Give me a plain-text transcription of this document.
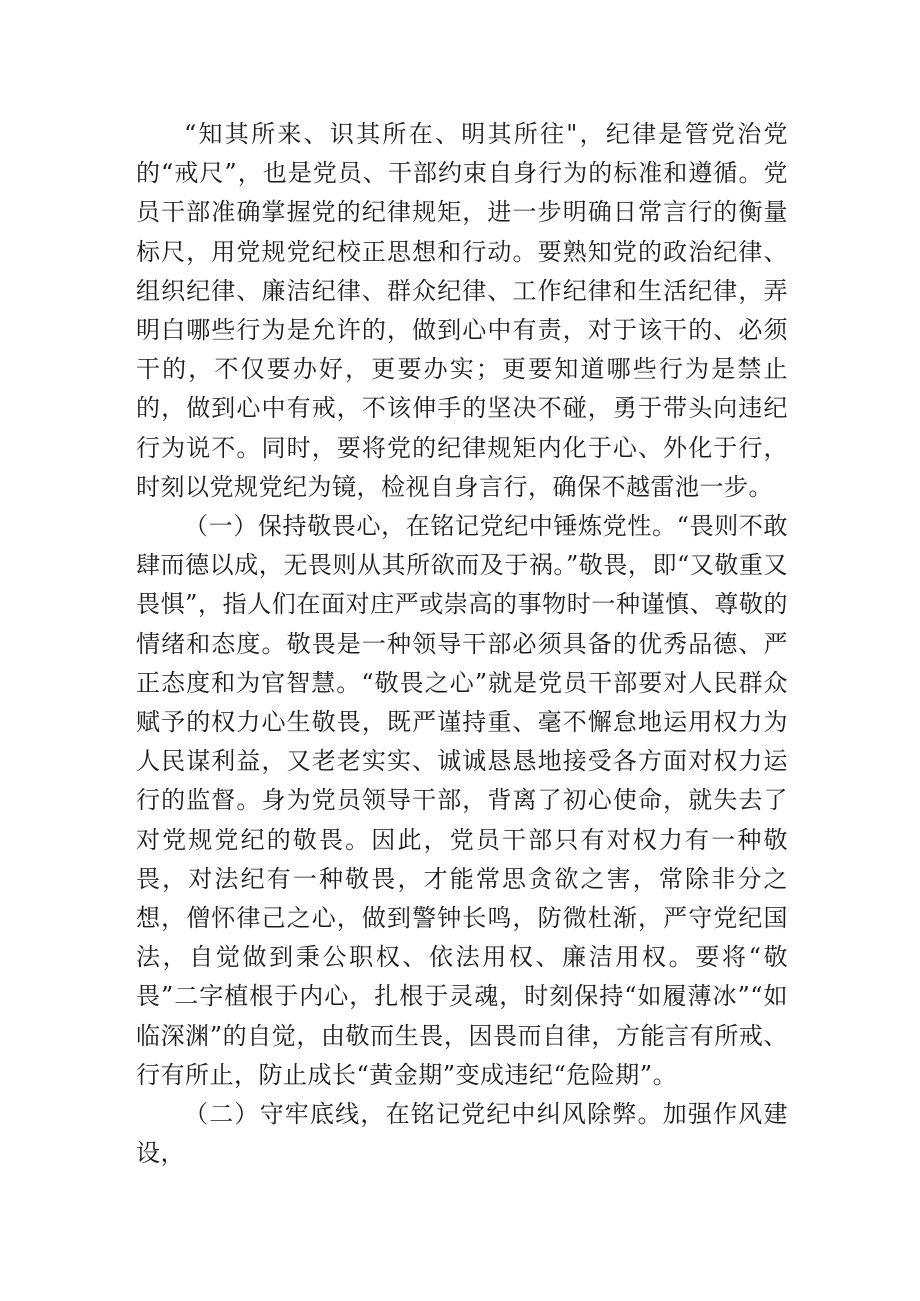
“知其所来、识其所在、明其所往"，纪律是管党治党的“戒尺”，也是党员、干部约束自身行为的标准和遵循。党员干部准确掌握党的纪律规矩，进一步明确日常言行的衡量标尺，用党规党纪校正思想和行动。要熟知党的政治纪律、组织纪律、廉洁纪律、群众纪律、工作纪律和生活纪律，弄明白哪些行为是允许的，做到心中有责，对于该干的、必须干的，不仅要办好，更要办实；更要知道哪些行为是禁止的，做到心中有戒，不该伸手的坚决不碰，勇于带头向违纪行为说不。同时，要将党的纪律规矩内化于心、外化于行，时刻以党规党纪为镜，检视自身言行，确保不越雷池一步。

（一）保持敬畏心，在铭记党纪中锤炼党性。“畏则不敢肆而德以成，无畏则从其所欲而及于祸。”敬畏，即“又敬重又畏惧”，指人们在面对庄严或崇高的事物时一种谨慎、尊敬的情绪和态度。敬畏是一种领导干部必须具备的优秀品德、严正态度和为官智慧。“敬畏之心”就是党员干部要对人民群众赋予的权力心生敬畏，既严谨持重、毫不懈怠地运用权力为人民谋利益，又老老实实、诚诚恳恳地接受各方面对权力运行的监督。身为党员领导干部，背离了初心使命，就失去了对党规党纪的敬畏。因此，党员干部只有对权力有一种敬畏，对法纪有一种敬畏，才能常思贪欲之害，常除非分之想，僧怀律己之心，做到警钟长鸣，防微杜渐，严守党纪国法，自觉做到秉公职权、依法用权、廉洁用权。要将“敬畏”二字植根于内心，扎根于灵魂，时刻保持“如履薄冰”“如临深渊”的自觉，由敬而生畏，因畏而自律，方能言有所戒、行有所止，防止成长“黄金期”变成违纪“危险期”。

（二）守牢底线，在铭记党纪中纠风除弊。加强作风建设，
